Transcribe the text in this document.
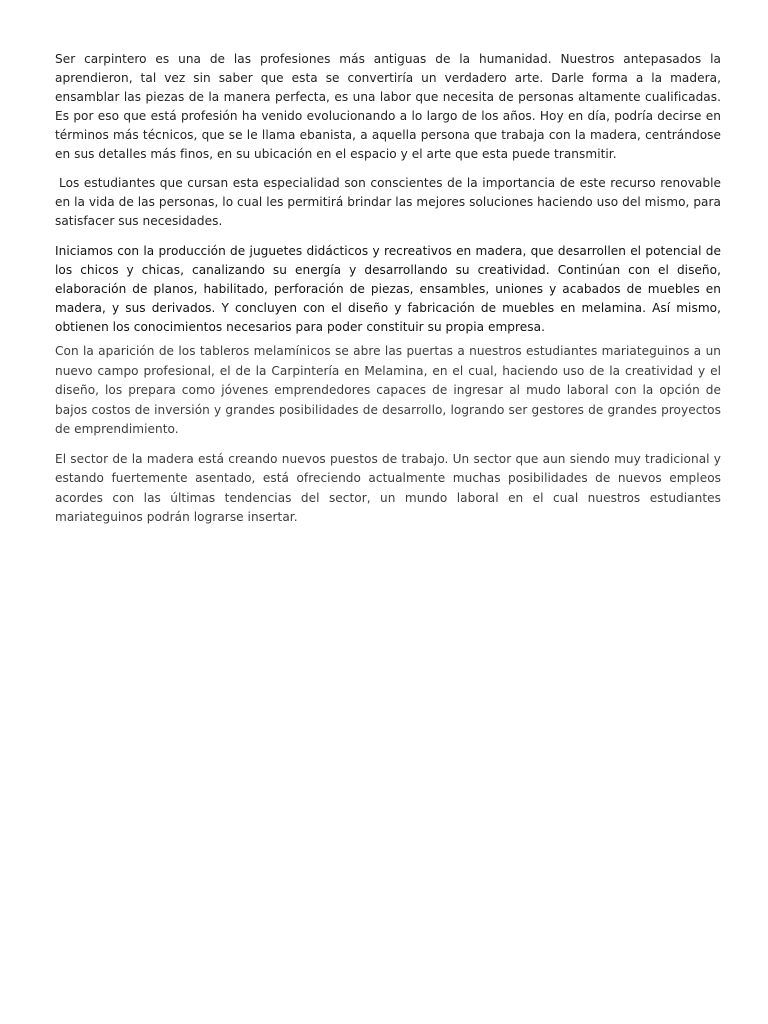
Ser carpintero es una de las profesiones más antiguas de la humanidad. Nuestros antepasados la aprendieron, tal vez sin saber que esta se convertiría un verdadero arte. Darle forma a la madera, ensamblar las piezas de la manera perfecta, es una labor que necesita de personas altamente cualificadas. Es por eso que está profesión ha venido evolucionando a lo largo de los años. Hoy en día, podría decirse en términos más técnicos, que se le llama ebanista, a aquella persona que trabaja con la madera, centrándose en sus detalles más finos, en su ubicación en el espacio y el arte que esta puede transmitir.

Los estudiantes que cursan esta especialidad son conscientes de la importancia de este recurso renovable en la vida de las personas, lo cual les permitirá brindar las mejores soluciones haciendo uso del mismo, para satisfacer sus necesidades.

Iniciamos con la producción de juguetes didácticos y recreativos en madera, que desarrollen el potencial de los chicos y chicas, canalizando su energía y desarrollando su creatividad. Continúan con el diseño, elaboración de planos, habilitado, perforación de piezas, ensambles, uniones y acabados de muebles en madera, y sus derivados. Y concluyen con el diseño y fabricación de muebles en melamina. Así mismo, obtienen los conocimientos necesarios para poder constituir su propia empresa.

Con la aparición de los tableros melamínicos se abre las puertas a nuestros estudiantes mariateguinos a un nuevo campo profesional, el de la Carpintería en Melamina, en el cual, haciendo uso de la creatividad y el diseño, los prepara como jóvenes emprendedores capaces de ingresar al mudo laboral con la opción de bajos costos de inversión y grandes posibilidades de desarrollo, logrando ser gestores de grandes proyectos de emprendimiento.

El sector de la madera está creando nuevos puestos de trabajo. Un sector que aun siendo muy tradicional y estando fuertemente asentado, está ofreciendo actualmente muchas posibilidades de nuevos empleos acordes con las últimas tendencias del sector, un mundo laboral en el cual nuestros estudiantes mariateguinos podrán lograrse insertar.
